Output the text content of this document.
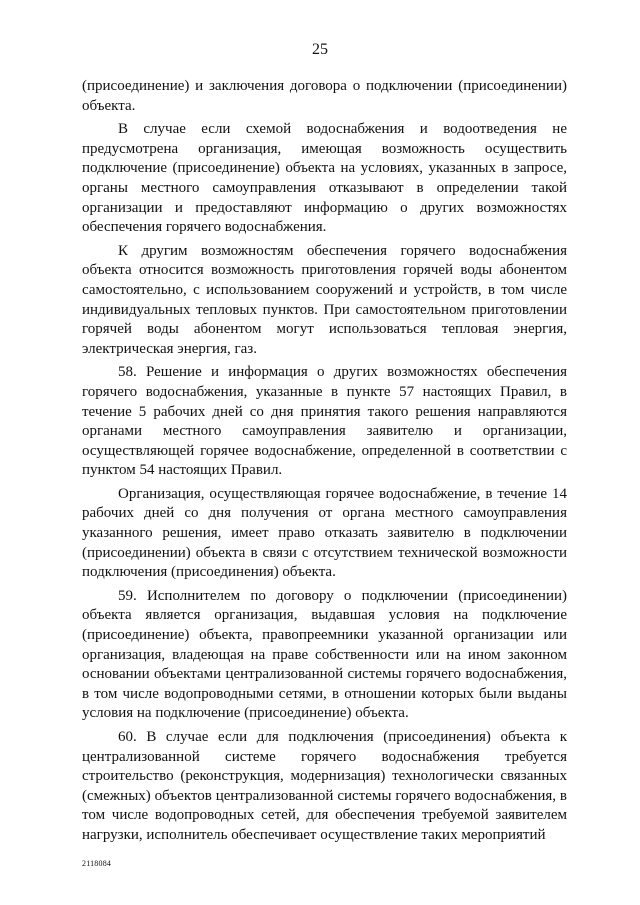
25

(присоединение) и заключения договора о подключении (присоединении) объекта.

В случае если схемой водоснабжения и водоотведения не предусмотрена организация, имеющая возможность осуществить подключение (присоединение) объекта на условиях, указанных в запросе, органы местного самоуправления отказывают в определении такой организации и предоставляют информацию о других возможностях обеспечения горячего водоснабжения.

К другим возможностям обеспечения горячего водоснабжения объекта относится возможность приготовления горячей воды абонентом самостоятельно, с использованием сооружений и устройств, в том числе индивидуальных тепловых пунктов. При самостоятельном приготовлении горячей воды абонентом могут использоваться тепловая энергия, электрическая энергия, газ.

58. Решение и информация о других возможностях обеспечения горячего водоснабжения, указанные в пункте 57 настоящих Правил, в течение 5 рабочих дней со дня принятия такого решения направляются органами местного самоуправления заявителю и организации, осуществляющей горячее водоснабжение, определенной в соответствии с пунктом 54 настоящих Правил.

Организация, осуществляющая горячее водоснабжение, в течение 14 рабочих дней со дня получения от органа местного самоуправления указанного решения, имеет право отказать заявителю в подключении (присоединении) объекта в связи с отсутствием технической возможности подключения (присоединения) объекта.

59. Исполнителем по договору о подключении (присоединении) объекта является организация, выдавшая условия на подключение (присоединение) объекта, правопреемники указанной организации или организация, владеющая на праве собственности или на ином законном основании объектами централизованной системы горячего водоснабжения, в том числе водопроводными сетями, в отношении которых были выданы условия на подключение (присоединение) объекта.

60. В случае если для подключения (присоединения) объекта к централизованной системе горячего водоснабжения требуется строительство (реконструкция, модернизация) технологически связанных (смежных) объектов централизованной системы горячего водоснабжения, в том числе водопроводных сетей, для обеспечения требуемой заявителем нагрузки, исполнитель обеспечивает осуществление таких мероприятий

2118084
